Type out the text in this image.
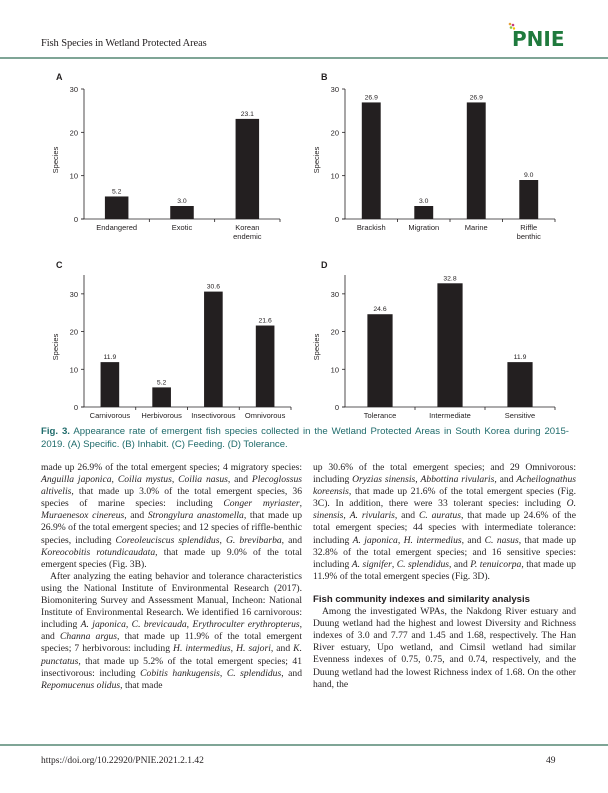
Fish Species in Wetland Protected Areas	PNIE
A
0
10
20
30
Species
5.2
Endangered
3.0
Exotic
23.1
Korean
endemic
B
0
10
20
30
Species
26.9
Brackish
3.0
Migration
26.9
Marine
9.0
Riffle
benthic
C
0
10
20
30
Species	11.9
Carnivorous
5.2
Herbivorous
30.6
Insectivorous
21.6
Omnivorous
D
0
10
20
30
Species
24.6
Tolerance
32.8
Intermediate
11.9
Sensitive
Fig. 3. Appearance rate of emergent fish species collected in the Wetland Protected Areas in South Korea during 2015-2019. (A) Specific. (B) Inhabit. (C) Feeding. (D) Tolerance.

made up 26.9% of the total emergent species; 4 migratory species: Anguilla japonica, Coilia mystus, Coilia nasus, and Plecoglossus altivelis, that made up 3.0% of the total emergent species, 36 species of marine species: including Conger myriaster, Muraenesox cinereus, and Strongylura anastomella, that made up 26.9% of the total emergent species; and 12 species of riffle-benthic species, including Coreoleuciscus splendidus, G. brevibarba, and Koreocobitis rotundicaudata, that made up 9.0% of the total emergent species (Fig. 3B).

After analyzing the eating behavior and tolerance characteristics using the National Institute of Environmental Research (2017). Biomonitering Survey and Assessment Manual, Incheon: National Institute of Environmental Research. We identified 16 carnivorous: including A. japonica, C. brevicauda, Erythroculter erythropterus, and Channa argus, that made up 11.9% of the total emergent species; 7 herbivorous: including H. intermedius, H. sajori, and K. punctatus, that made up 5.2% of the total emergent species; 41 insectivorous: including Cobitis hankugensis, C. splendidus, and Repomucenus olidus, that made

up 30.6% of the total emergent species; and 29 Omnivorous: including Oryzias sinensis, Abbottina rivularis, and Acheilognathus koreensis, that made up 21.6% of the total emergent species (Fig. 3C). In addition, there were 33 tolerant species: including O. sinensis, A. rivularis, and C. auratus, that made up 24.6% of the total emergent species; 44 species with intermediate tolerance: including A. japonica, H. intermedius, and C. nasus, that made up 32.8% of the total emergent species; and 16 sensitive species: including A. signifer, C. splendidus, and P. tenuicorpa, that made up 11.9% of the total emergent species (Fig. 3D).

Fish community indexes and similarity analysis

Among the investigated WPAs, the Nakdong River estuary and Duung wetland had the highest and lowest Diversity and Richness indexes of 3.0 and 7.77 and 1.45 and 1.68, respectively. The Han River estuary, Upo wetland, and Cimsil wetland had similar Evenness indexes of 0.75, 0.75, and 0.74, respectively, and the Duung wetland had the lowest Richness index of 1.68. On the other hand, the

https://doi.org/10.22920/PNIE.2021.2.1.42	49
